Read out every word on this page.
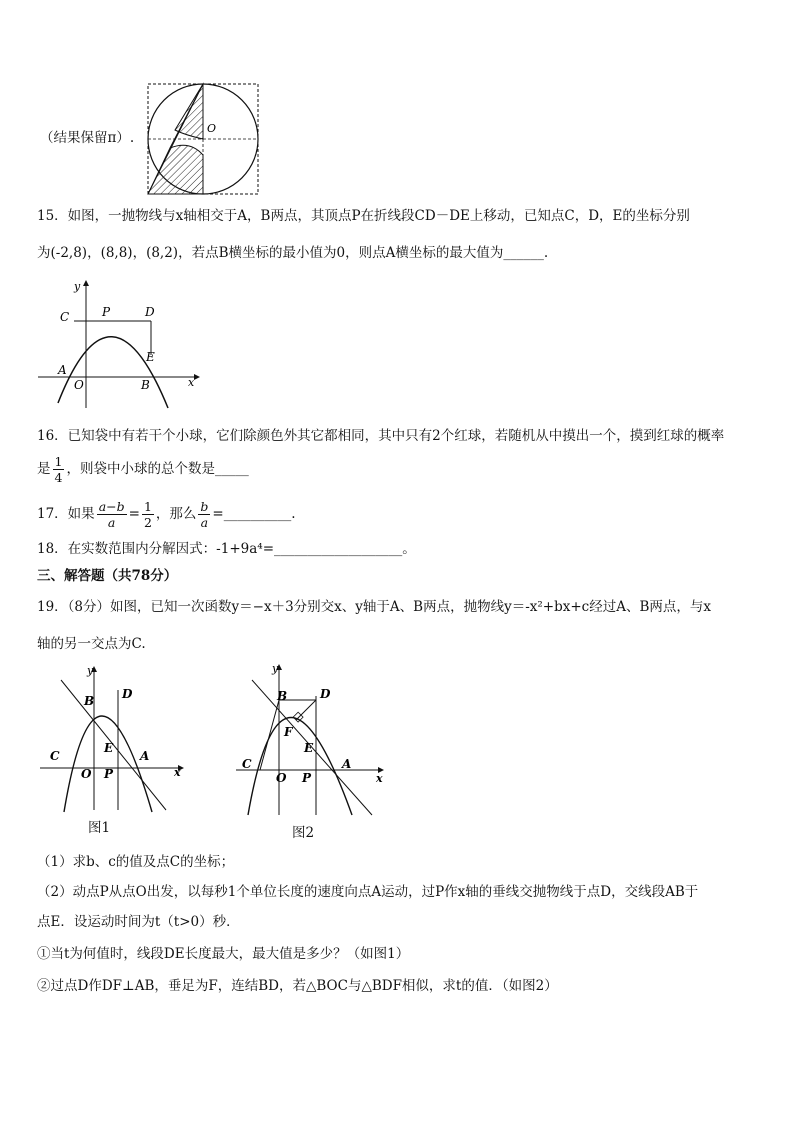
O
（结果保留π）.
15．如图，一抛物线与x轴相交于A，B两点，其顶点P在折线段CD－DE上移动，已知点C，D，E的坐标分别
为(-2,8)，(8,8)，(8,2)，若点B横坐标的最小值为0，则点A横坐标的最大值为______.
y
C	P	D
E
A
O	B	x
16．已知袋中有若干个小球，它们除颜色外其它都相同，其中只有2个红球，若随机从中摸出一个，摸到红球的概率
是 $\frac{1}{4}$ ，则袋中小球的总个数是_____
17．如果 $\frac{a-b}{a} = \frac{1}{2}$ ，那么 $\frac{b}{a}$ =__________.
18．在实数范围内分解因式：-1+9a⁴=___________________。
三、解答题（共78分）
19．（8分）如图，已知一次函数y＝−x＋3分别交x、y轴于A、B两点，抛物线y＝-x²+bx+c经过A、B两点，与x
轴的另一交点为C.
y
B D
C
E
A
O P	x
图1
y
B	D
F
E
C	A
O P	x
图2
（1）求b、c的值及点C的坐标；
（2）动点P从点O出发，以每秒1个单位长度的速度向点A运动，过P作x轴的垂线交抛物线于点D，交线段AB于
点E．设运动时间为t（t>0）秒．
①当t为何值时，线段DE长度最大，最大值是多少？（如图1）
②过点D作DF⊥AB，垂足为F，连结BD，若△BOC与△BDF相似，求t的值．（如图2）
